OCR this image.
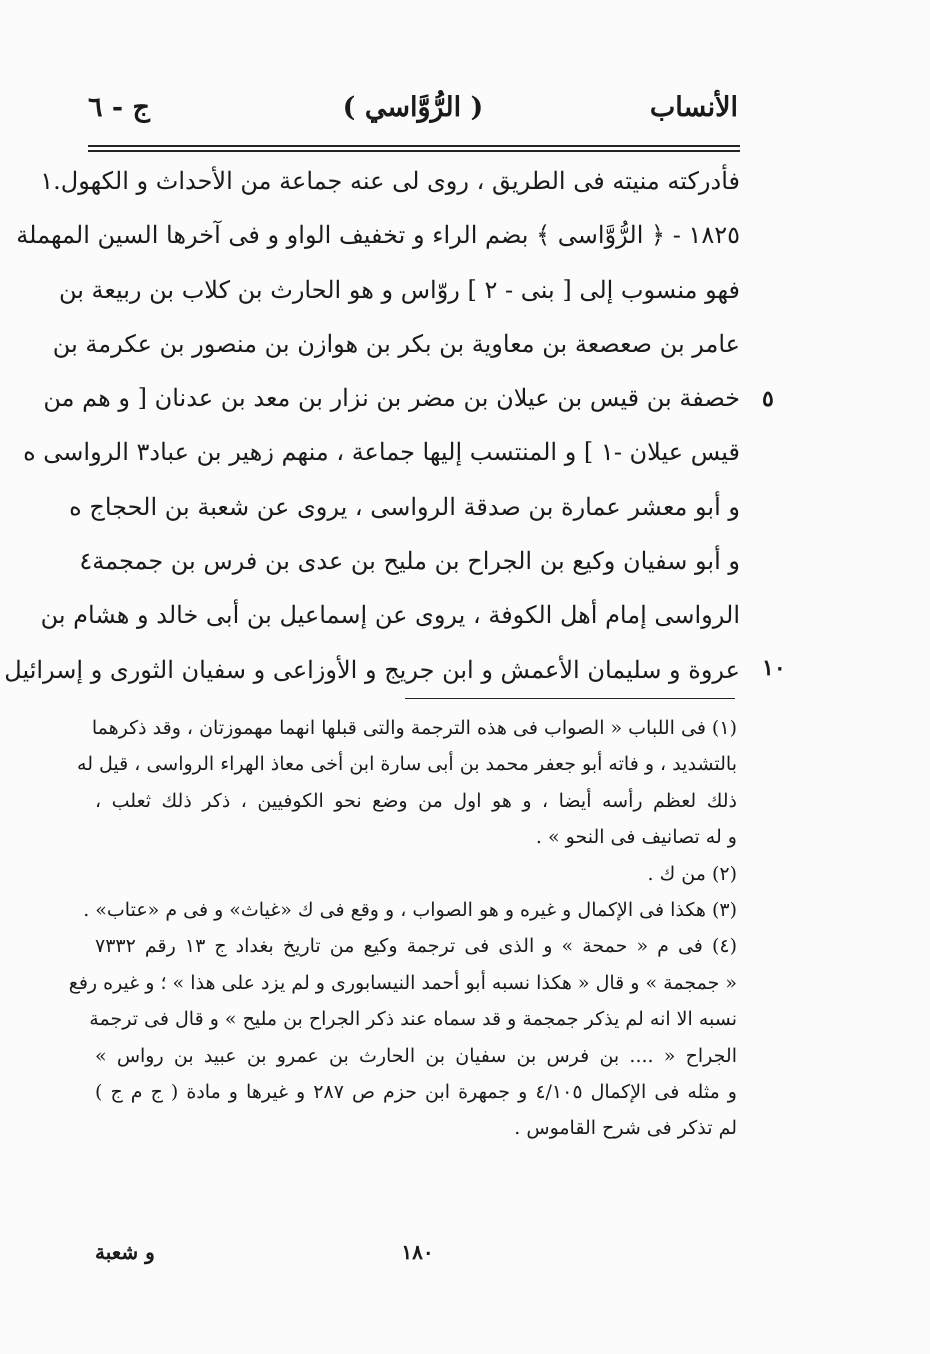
الأنساب
( الرُّوَّاسي )
ج - ٦
فأدركته منيته فى الطريق ، روى لى عنه جماعة من الأحداث و الكهول.١
١٨٢٥ - ﴿ الرُّوَّاسى ﴾ بضم الراء و تخفيف الواو و فى آخرها السين المهملة
فهو منسوب إلى [ بنى - ٢ ] روّاس و هو الحارث بن كلاب بن ربيعة بن
عامر بن صعصعة بن معاوية بن بكر بن هوازن بن منصور بن عكرمة بن
خصفة بن قيس بن عيلان بن مضر بن نزار بن معد بن عدنان [ و هم من
قيس عيلان -١ ] و المنتسب إليها جماعة ، منهم زهير بن عباد٣ الرواسى ه
و أبو معشر عمارة بن صدقة الرواسى ، يروى عن شعبة بن الحجاج ه
و أبو سفيان وكيع بن الجراح بن مليح بن عدى بن فرس بن جمجمة٤
الرواسى إمام أهل الكوفة ، يروى عن إسماعيل بن أبى خالد و هشام بن
عروة و سليمان الأعمش و ابن جريج و الأوزاعى و سفيان الثورى و إسرائيل
٥
١٠
(١) فى اللباب « الصواب فى هذه الترجمة والتى قبلها انهما مهموزتان ، وقد ذكرهما
بالتشديد ، و فاته أبو جعفر محمد بن أبى سارة ابن أخى معاذ الهراء الرواسى ، قيل له
ذلك لعظم رأسه أيضا ، و هو اول من وضع نحو الكوفيين ، ذكر ذلك ثعلب ،
و له تصانيف فى النحو » .
(٢) من ك .
(٣) هكذا فى الإكمال و غيره و هو الصواب ، و وقع فى ك «غياث» و فى م «عتاب» .
(٤) فى م « حمحة » و الذى فى ترجمة وكيع من تاريخ بغداد ج ١٣ رقم ٧٣٣٢
« جمجمة » و قال « هكذا نسبه أبو أحمد النيسابورى و لم يزد على هذا » ؛ و غيره رفع
نسبه الا انه لم يذكر جمجمة و قد سماه عند ذكر الجراح بن مليح » و قال فى ترجمة
الجراح « .... بن فرس بن سفيان بن الحارث بن عمرو بن عبيد بن رواس »
و مثله فى الإكمال ٤/١٠٥ و جمهرة ابن حزم ص ٢٨٧ و غيرها و مادة ( ج م ج )
لم تذكر فى شرح القاموس .
١٨٠
و شعبة
